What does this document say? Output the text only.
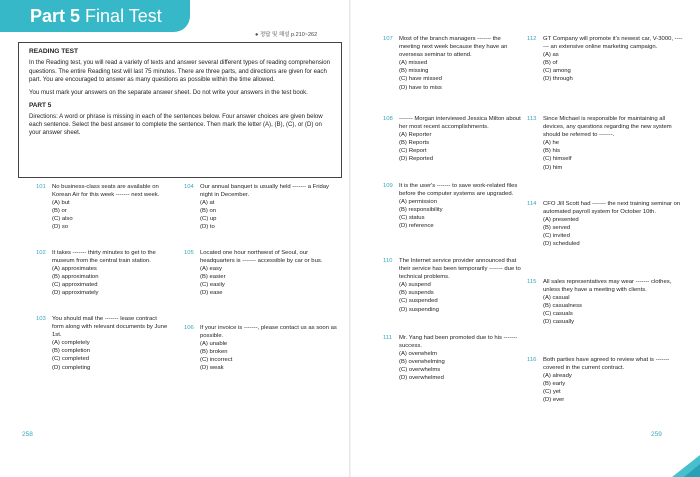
Part 5 Final Test
● 정답 및 해설 p.210~262
READING TEST

In the Reading test, you will read a variety of texts and answer several different types of reading comprehension questions. The entire Reading test will last 75 minutes. There are three parts, and directions are given for each part. You are encouraged to answer as many questions as possible within the time allowed.

You must mark your answers on the separate answer sheet. Do not write your answers in the test book.

PART 5

Directions: A word or phrase is missing in each of the sentences below. Four answer choices are given below each sentence. Select the best answer to complete the sentence. Then mark the letter (A), (B), (C), or (D) on your answer sheet.

101 No business-class seats are available on Korean Air for this week ------- next week.
(A) but
(B) or
(C) also
(D) so
102 It takes ------- thirty minutes to get to the museum from the central train station.
(A) approximates
(B) approximation
(C) approximated
(D) approximately
103 You should mail the ------- lease contract form along with relevant documents by June 1st.
(A) completely
(B) completion
(C) completed
(D) completing
104 Our annual banquet is usually held ------- a Friday night in December.
(A) at
(B) on
(C) up
(D) to
105 Located one hour northwest of Seoul, our headquarters is ------- accessible by car or bus.
(A) easy
(B) easier
(C) easily
(D) ease
106 If your invoice is -------, please contact us as soon as possible.
(A) unable
(B) broken
(C) incorrect
(D) weak
258
107 Most of the branch managers ------- the meeting next week because they have an overseas seminar to attend.
(A) missed
(B) missing
(C) have missed
(D) have to miss
108 ------- Morgan interviewed Jessica Milton about her most recent accomplishments.
(A) Reporter
(B) Reports
(C) Report
(D) Reported
109 It is the user's ------- to save work-related files before the computer systems are upgraded.
(A) permission
(B) responsibility
(C) status
(D) reference
110 The Internet service provider announced that their service has been temporarily ------- due to technical problems.
(A) suspend
(B) suspends
(C) suspended
(D) suspending
111 Mr. Yang had been promoted due to his ------- success.
(A) overwhelm
(B) overwhelming
(C) overwhelms
(D) overwhelmed
112 GT Company will promote it's newest car, V-3000, ------- an extensive online marketing campaign.
(A) as
(B) of
(C) among
(D) through
113 Since Michael is responsible for maintaining all devices, any questions regarding the new system should be referred to -------.
(A) he
(B) his
(C) himself
(D) him
114 CFO Jill Scott had ------- the next training seminar on automated payroll system for October 10th.
(A) presented
(B) served
(C) invited
(D) scheduled
115 All sales representatives may wear ------- clothes, unless they have a meeting with clients.
(A) casual
(B) casualness
(C) casuals
(D) casually
116 Both parties have agreed to review what is ------- covered in the current contract.
(A) already
(B) early
(C) yet
(D) ever
259
